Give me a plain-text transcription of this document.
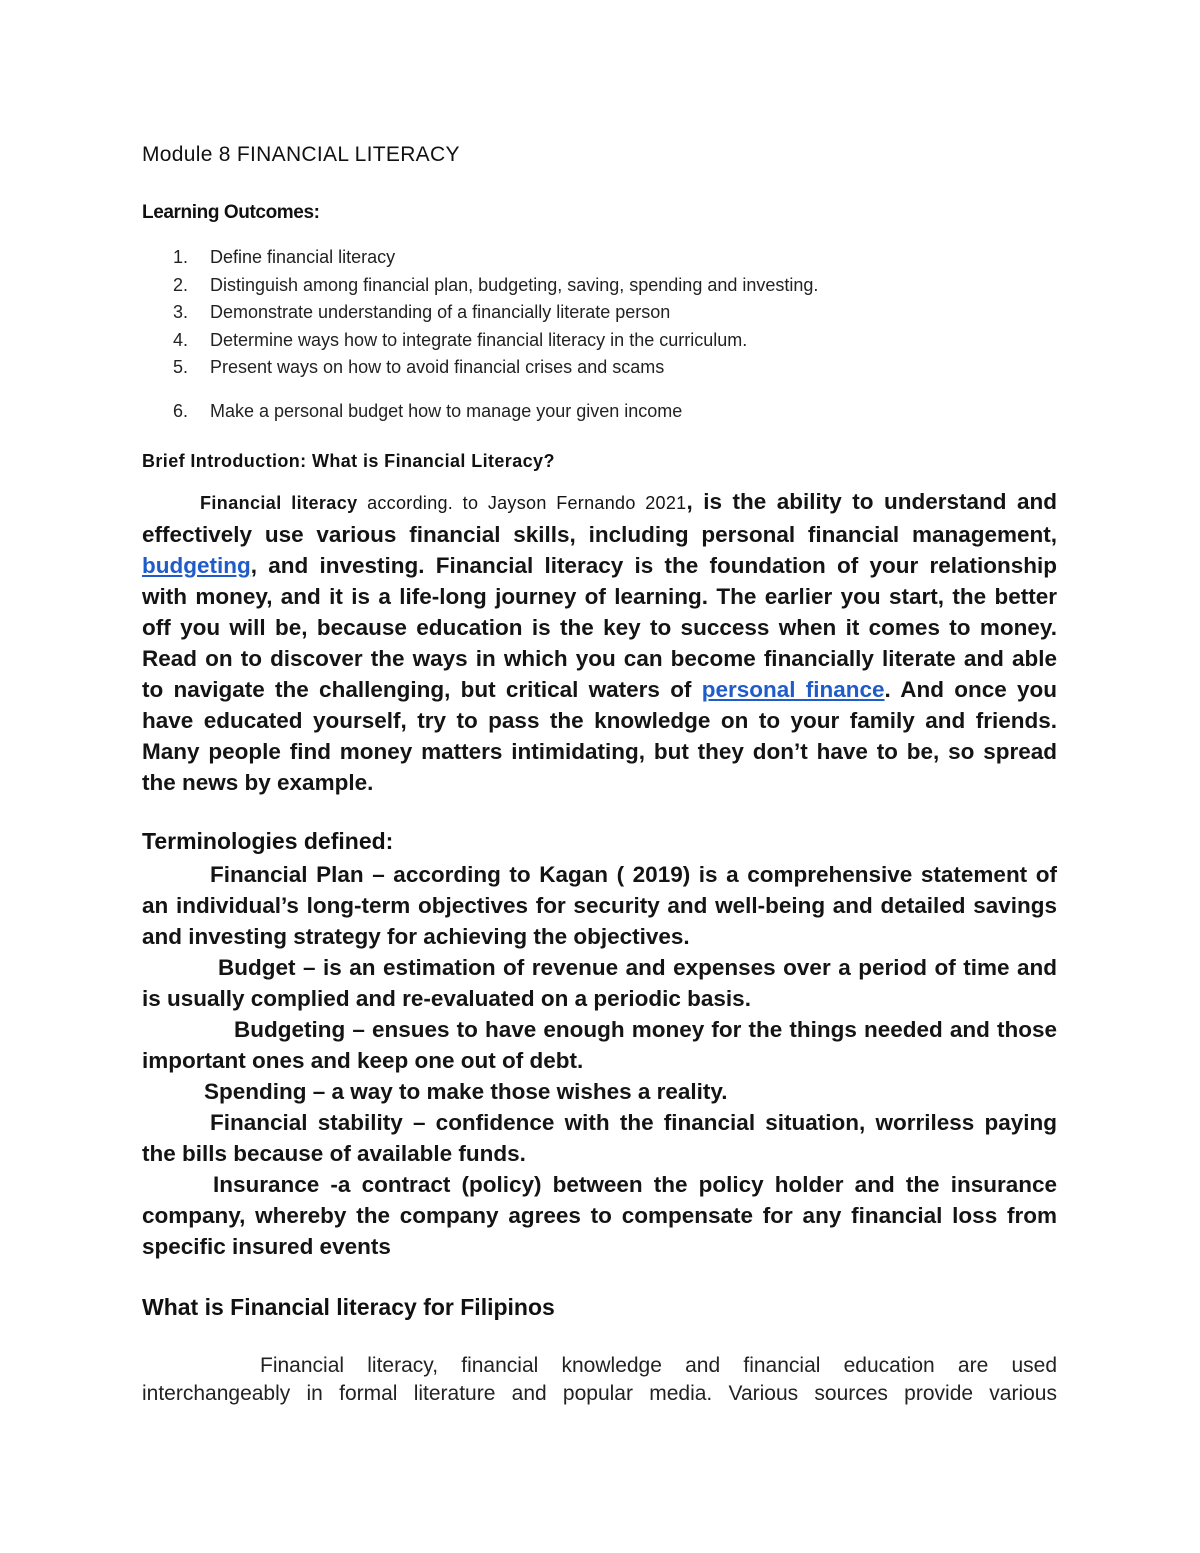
Module 8 FINANCIAL LITERACY
Learning Outcomes:
1.	Define financial literacy
2.	Distinguish among financial plan, budgeting, saving, spending and investing.
3.	Demonstrate understanding of a financially literate person
4.	Determine ways how to integrate financial literacy in the curriculum.
5.	Present ways on how to avoid financial crises and scams
6.	Make a personal budget how to manage your given income
Brief Introduction: What is Financial Literacy?
Financial literacy according. to Jayson Fernando 2021, is the ability to understand and effectively use various financial skills, including personal financial management, budgeting, and investing. Financial literacy is the foundation of your relationship with money, and it is a life-long journey of learning. The earlier you start, the better off you will be, because education is the key to success when it comes to money. Read on to discover the ways in which you can become financially literate and able to navigate the challenging, but critical waters of personal finance. And once you have educated yourself, try to pass the knowledge on to your family and friends. Many people find money matters intimidating, but they don’t have to be, so spread the news by example.
Terminologies defined:
Financial Plan – according to Kagan ( 2019) is a comprehensive statement of an individual’s long-term objectives for security and well-being and detailed savings and investing strategy for achieving the objectives.
Budget – is an estimation of revenue and expenses over a period of time and is usually complied and re-evaluated on a periodic basis.
Budgeting – ensues to have enough money for the things needed and those important ones and keep one out of debt.
Spending – a way to make those wishes a reality.
Financial stability – confidence with the financial situation, worriless paying the bills because of available funds.
Insurance -a contract (policy) between the policy holder and the insurance company, whereby the company agrees to compensate for any financial loss from specific insured events
What is Financial literacy for Filipinos
Financial literacy, financial knowledge and financial education are used interchangeably in formal literature and popular media. Various sources provide various
